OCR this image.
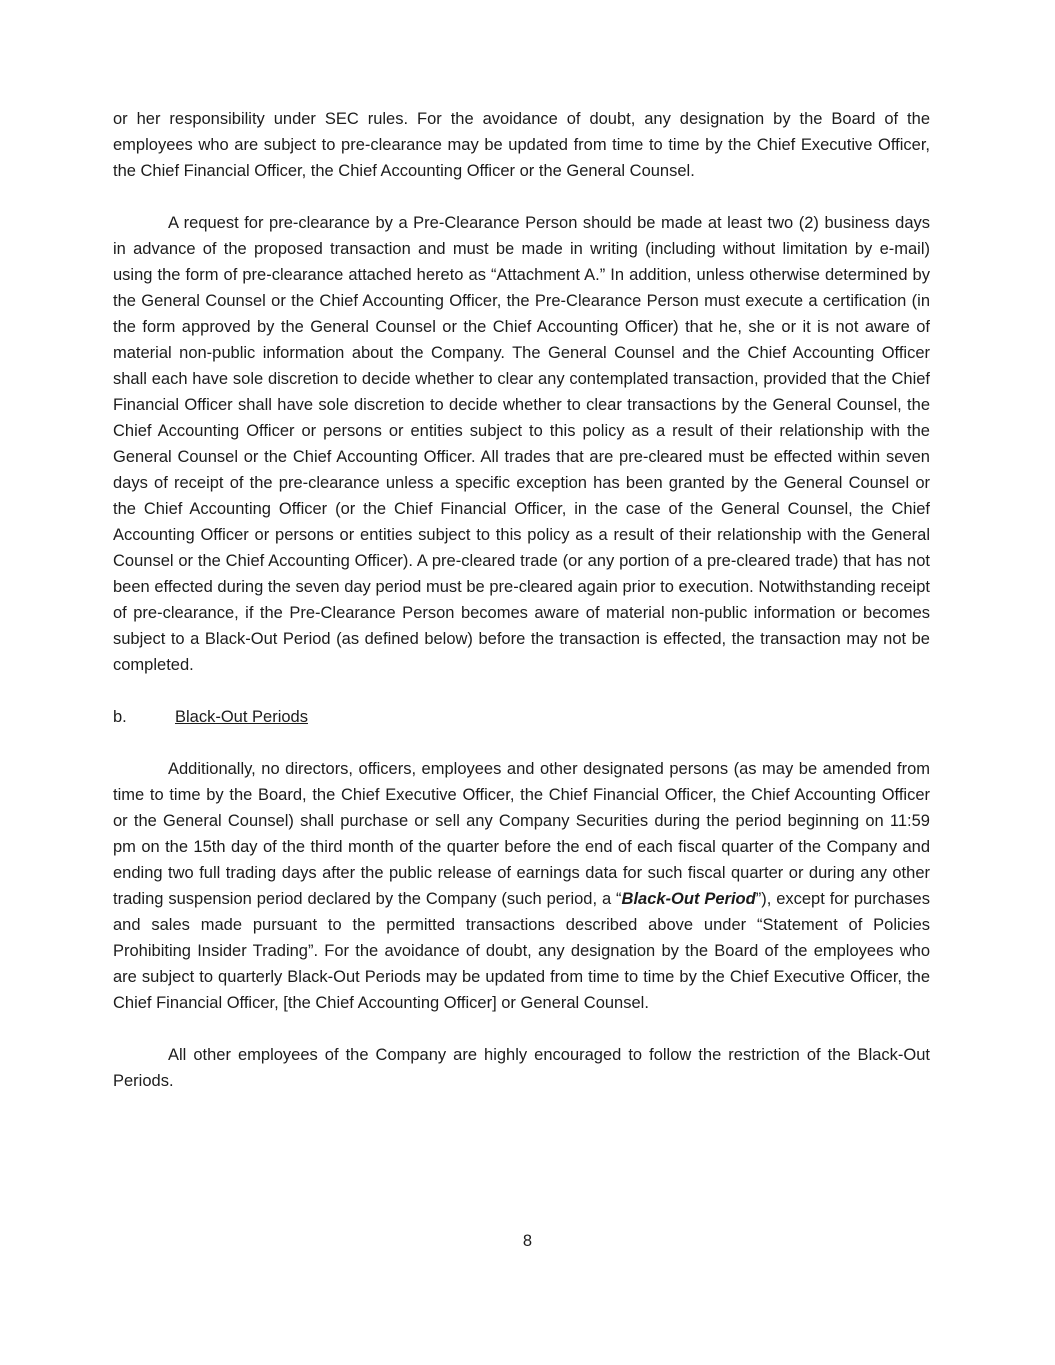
or her responsibility under SEC rules. For the avoidance of doubt, any designation by the Board of the employees who are subject to pre-clearance may be updated from time to time by the Chief Executive Officer, the Chief Financial Officer, the Chief Accounting Officer or the General Counsel.

A request for pre-clearance by a Pre-Clearance Person should be made at least two (2) business days in advance of the proposed transaction and must be made in writing (including without limitation by e-mail) using the form of pre-clearance attached hereto as “Attachment A.” In addition, unless otherwise determined by the General Counsel or the Chief Accounting Officer, the Pre-Clearance Person must execute a certification (in the form approved by the General Counsel or the Chief Accounting Officer) that he, she or it is not aware of material non-public information about the Company. The General Counsel and the Chief Accounting Officer shall each have sole discretion to decide whether to clear any contemplated transaction, provided that the Chief Financial Officer shall have sole discretion to decide whether to clear transactions by the General Counsel, the Chief Accounting Officer or persons or entities subject to this policy as a result of their relationship with the General Counsel or the Chief Accounting Officer. All trades that are pre-cleared must be effected within seven days of receipt of the pre-clearance unless a specific exception has been granted by the General Counsel or the Chief Accounting Officer (or the Chief Financial Officer, in the case of the General Counsel, the Chief Accounting Officer or persons or entities subject to this policy as a result of their relationship with the General Counsel or the Chief Accounting Officer). A pre-cleared trade (or any portion of a pre-cleared trade) that has not been effected during the seven day period must be pre-cleared again prior to execution. Notwithstanding receipt of pre-clearance, if the Pre-Clearance Person becomes aware of material non-public information or becomes subject to a Black-Out Period (as defined below) before the transaction is effected, the transaction may not be completed.

b.	Black-Out Periods

Additionally, no directors, officers, employees and other designated persons (as may be amended from time to time by the Board, the Chief Executive Officer, the Chief Financial Officer, the Chief Accounting Officer or the General Counsel) shall purchase or sell any Company Securities during the period beginning on 11:59 pm on the 15th day of the third month of the quarter before the end of each fiscal quarter of the Company and ending two full trading days after the public release of earnings data for such fiscal quarter or during any other trading suspension period declared by the Company (such period, a “Black-Out Period”), except for purchases and sales made pursuant to the permitted transactions described above under “Statement of Policies Prohibiting Insider Trading”. For the avoidance of doubt, any designation by the Board of the employees who are subject to quarterly Black-Out Periods may be updated from time to time by the Chief Executive Officer, the Chief Financial Officer, [the Chief Accounting Officer] or General Counsel.

All other employees of the Company are highly encouraged to follow the restriction of the Black-Out Periods.

8
